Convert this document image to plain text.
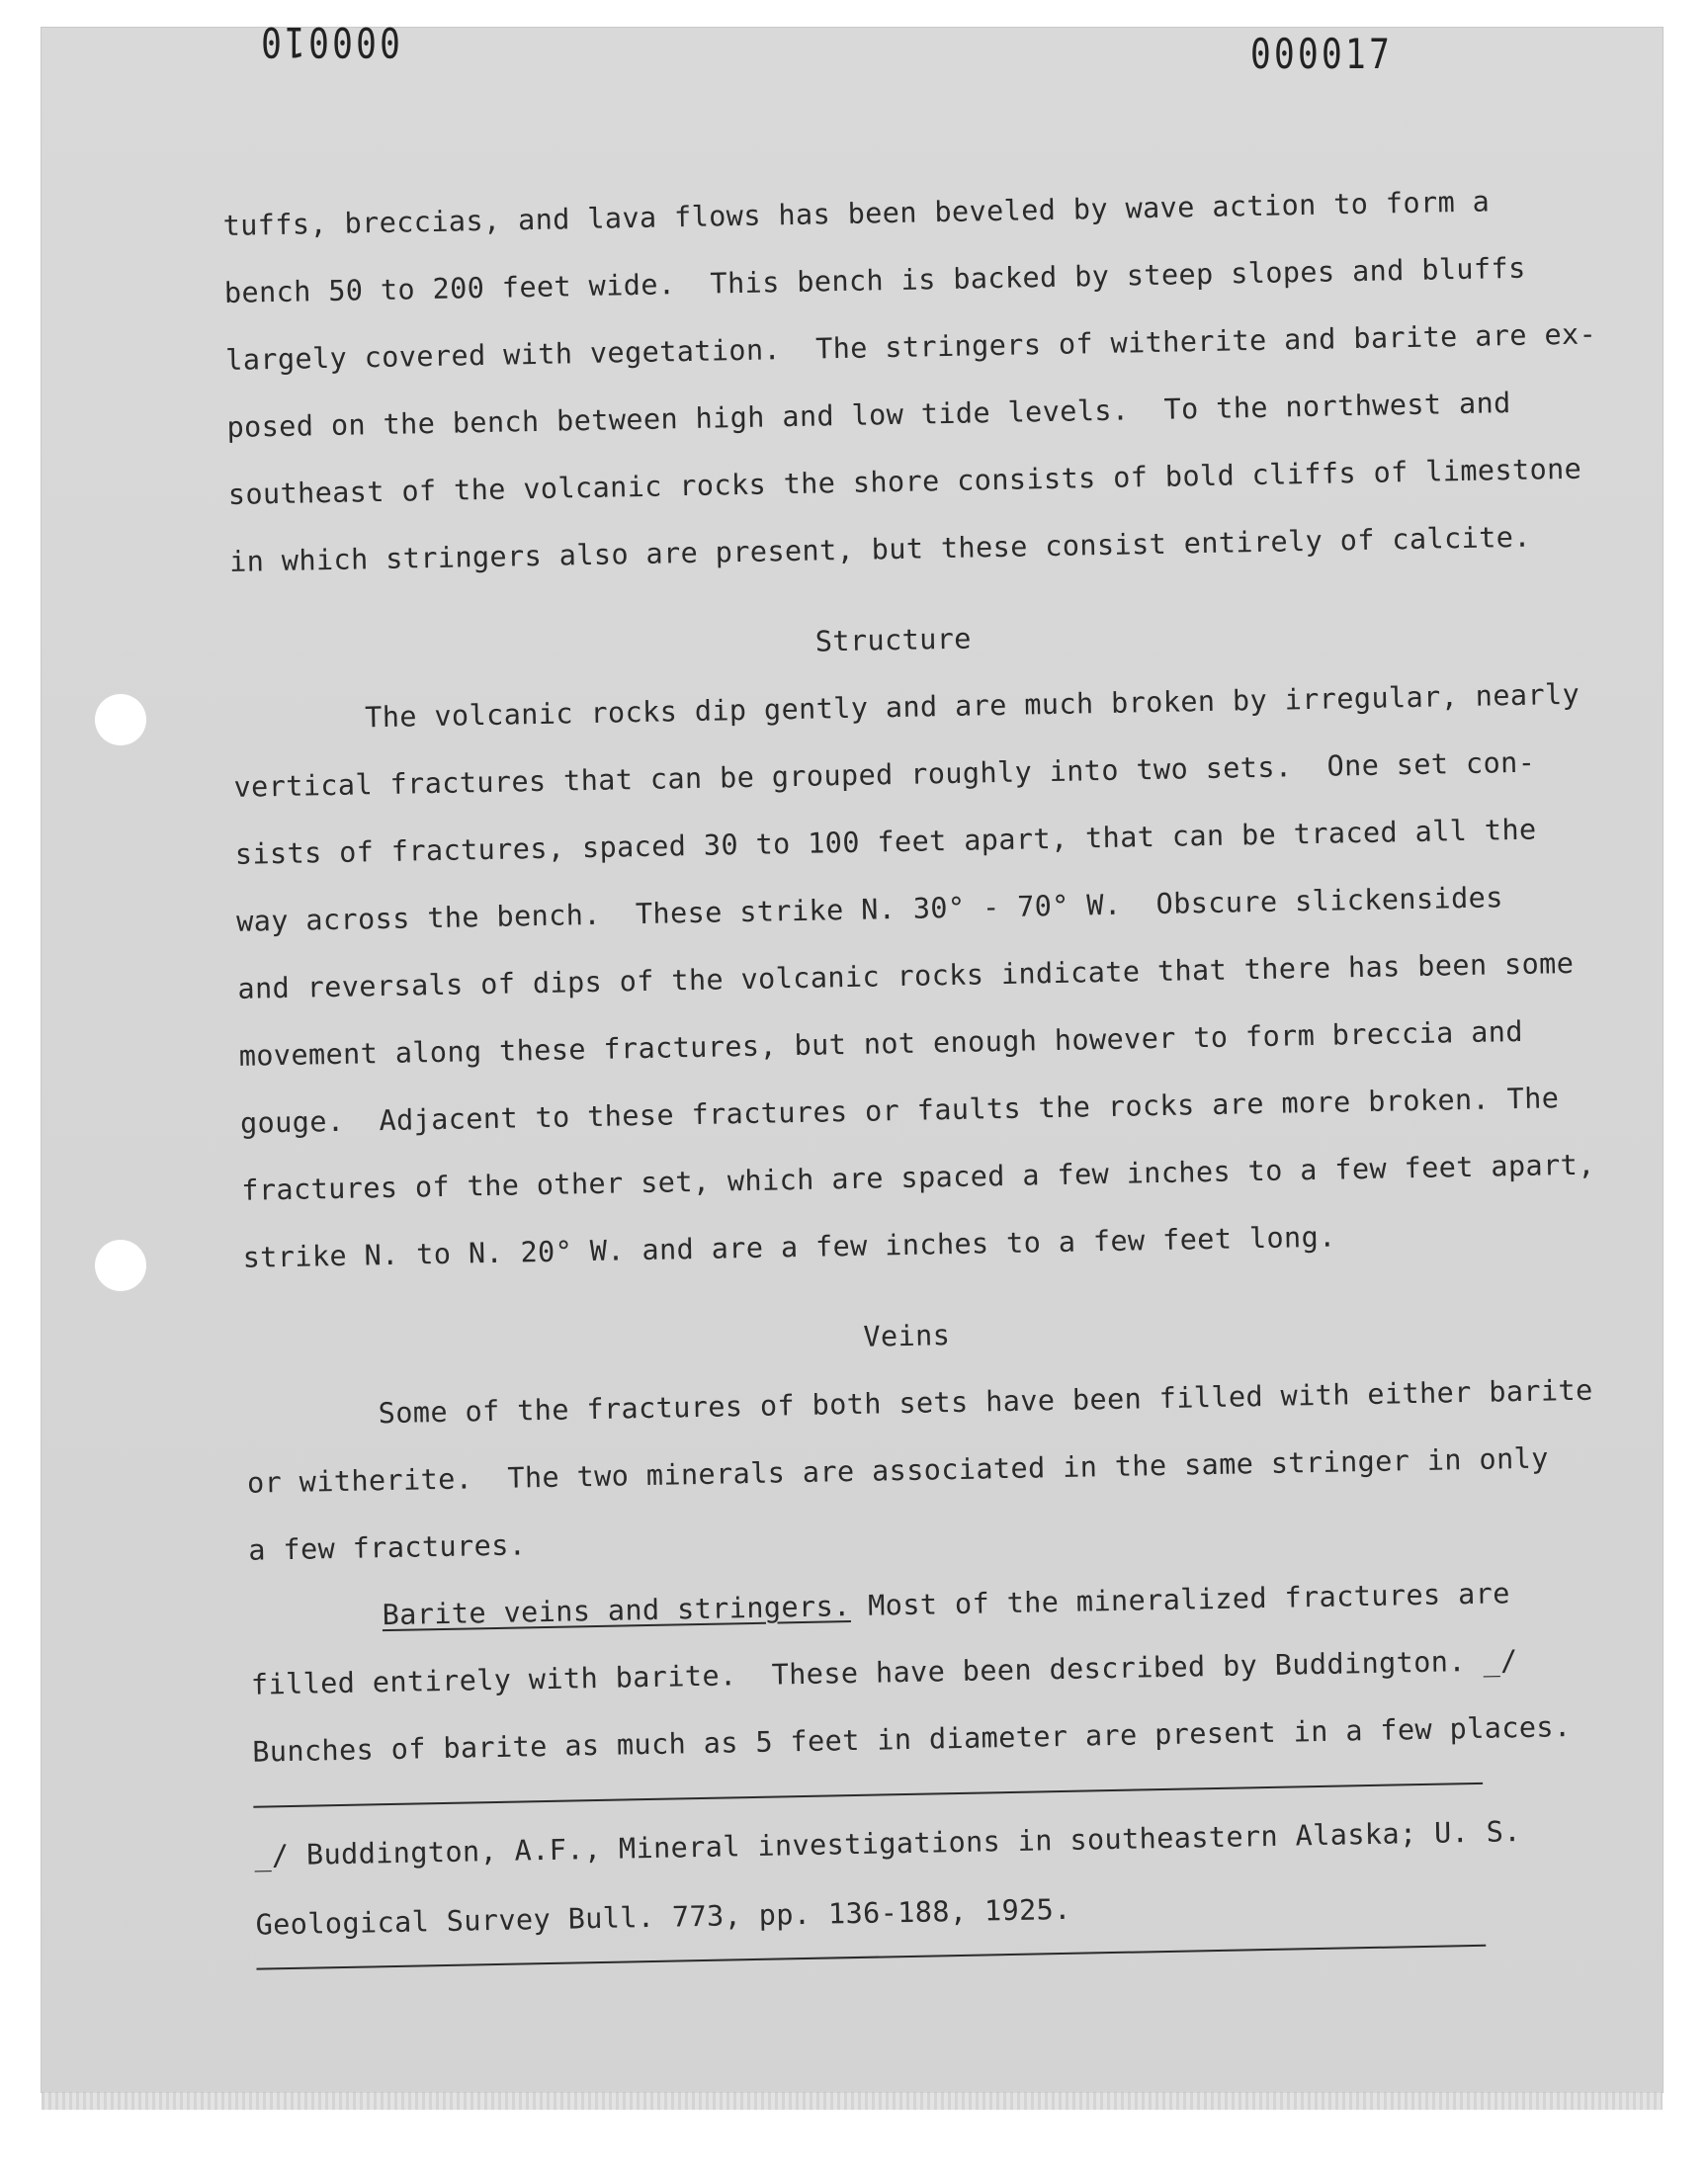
000010	000017
tuffs, breccias, and lava flows has been beveled by wave action to form a
bench 50 to 200 feet wide.  This bench is backed by steep slopes and bluffs
largely covered with vegetation.  The stringers of witherite and barite are ex-
posed on the bench between high and low tide levels.  To the northwest and
southeast of the volcanic rocks the shore consists of bold cliffs of limestone
in which stringers also are present, but these consist entirely of calcite.
Structure
The volcanic rocks dip gently and are much broken by irregular, nearly
vertical fractures that can be grouped roughly into two sets.  One set con-
sists of fractures, spaced 30 to 100 feet apart, that can be traced all the
way across the bench.  These strike N. 30° - 70° W.  Obscure slickensides
and reversals of dips of the volcanic rocks indicate that there has been some
movement along these fractures, but not enough however to form breccia and
gouge.  Adjacent to these fractures or faults the rocks are more broken. The
fractures of the other set, which are spaced a few inches to a few feet apart,
strike N. to N. 20° W. and are a few inches to a few feet long.
Veins
Some of the fractures of both sets have been filled with either barite
or witherite.  The two minerals are associated in the same stringer in only
a few fractures.
Barite veins and stringers. Most of the mineralized fractures are
filled entirely with barite.  These have been described by Buddington. _/
Bunches of barite as much as 5 feet in diameter are present in a few places.
_/ Buddington, A.F., Mineral investigations in southeastern Alaska; U. S.
Geological Survey Bull. 773, pp. 136-188, 1925.
